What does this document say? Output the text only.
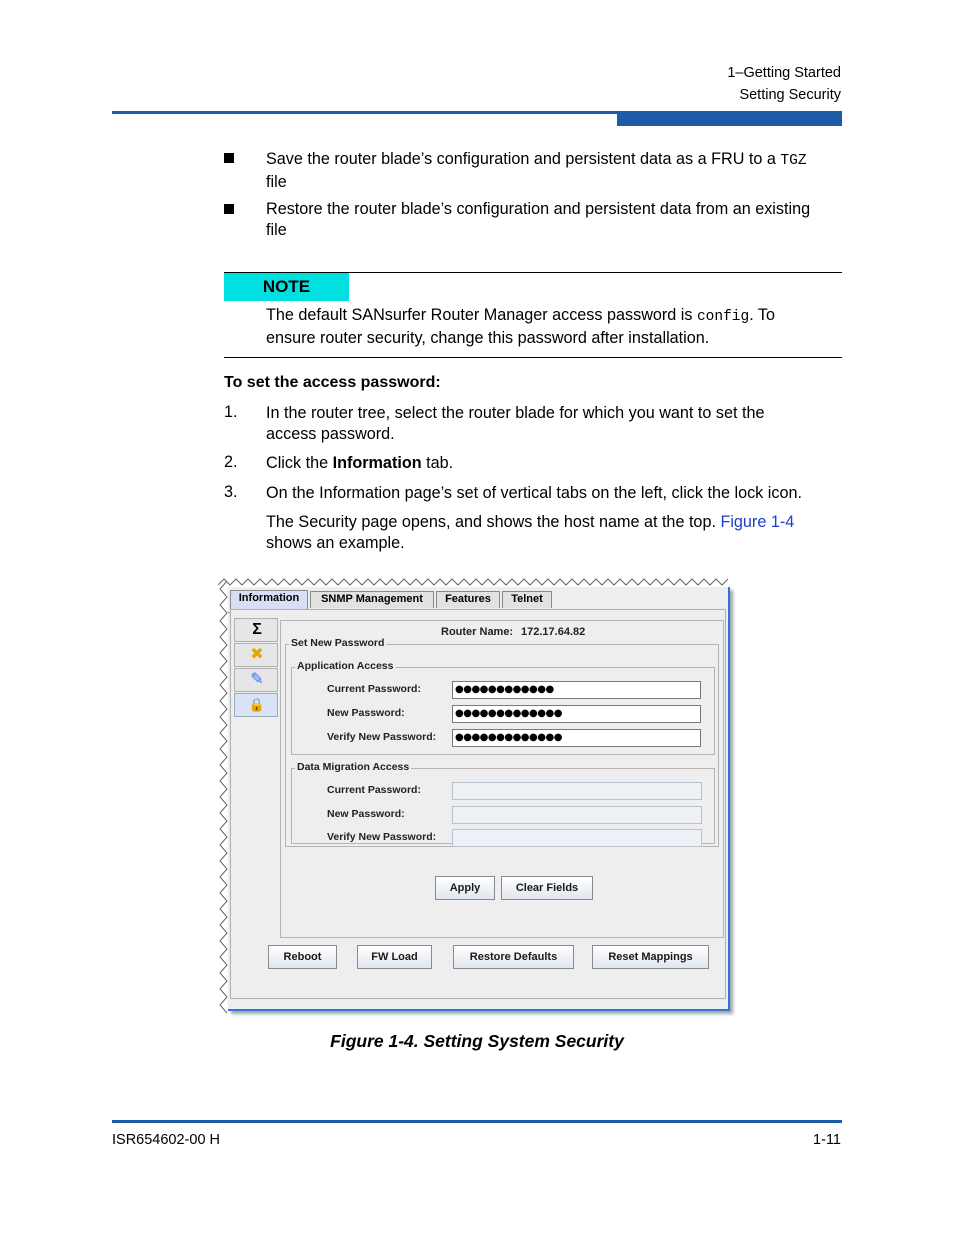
1–Getting Started
Setting Security
Save the router blade’s configuration and persistent data as a FRU to a TGZ
file
Restore the router blade’s configuration and persistent data from an existing
file
NOTE
The default SANsurfer Router Manager access password is config. To
ensure router security, change this password after installation.
To set the access password:
1. In the router tree, select the router blade for which you want to set the
access password.
2. Click the Information tab.
3. On the Information page’s set of vertical tabs on the left, click the lock icon.
The Security page opens, and shows the host name at the top. Figure 1-4
shows an example.
Information	SNMP Management	Features	Telnet
Σ
✖
✎
🔒
Router Name: 172.17.64.82
Set New Password
Application Access
Current Password:	●●●●●●●●●●●●
New Password:	●●●●●●●●●●●●●
Verify New Password:	●●●●●●●●●●●●●
Data Migration Access
Current Password:
New Password:
Verify New Password:
Apply	Clear Fields
Reboot	FW Load	Restore Defaults	Reset Mappings
Figure 1-4. Setting System Security
ISR654602-00 H	1-11
